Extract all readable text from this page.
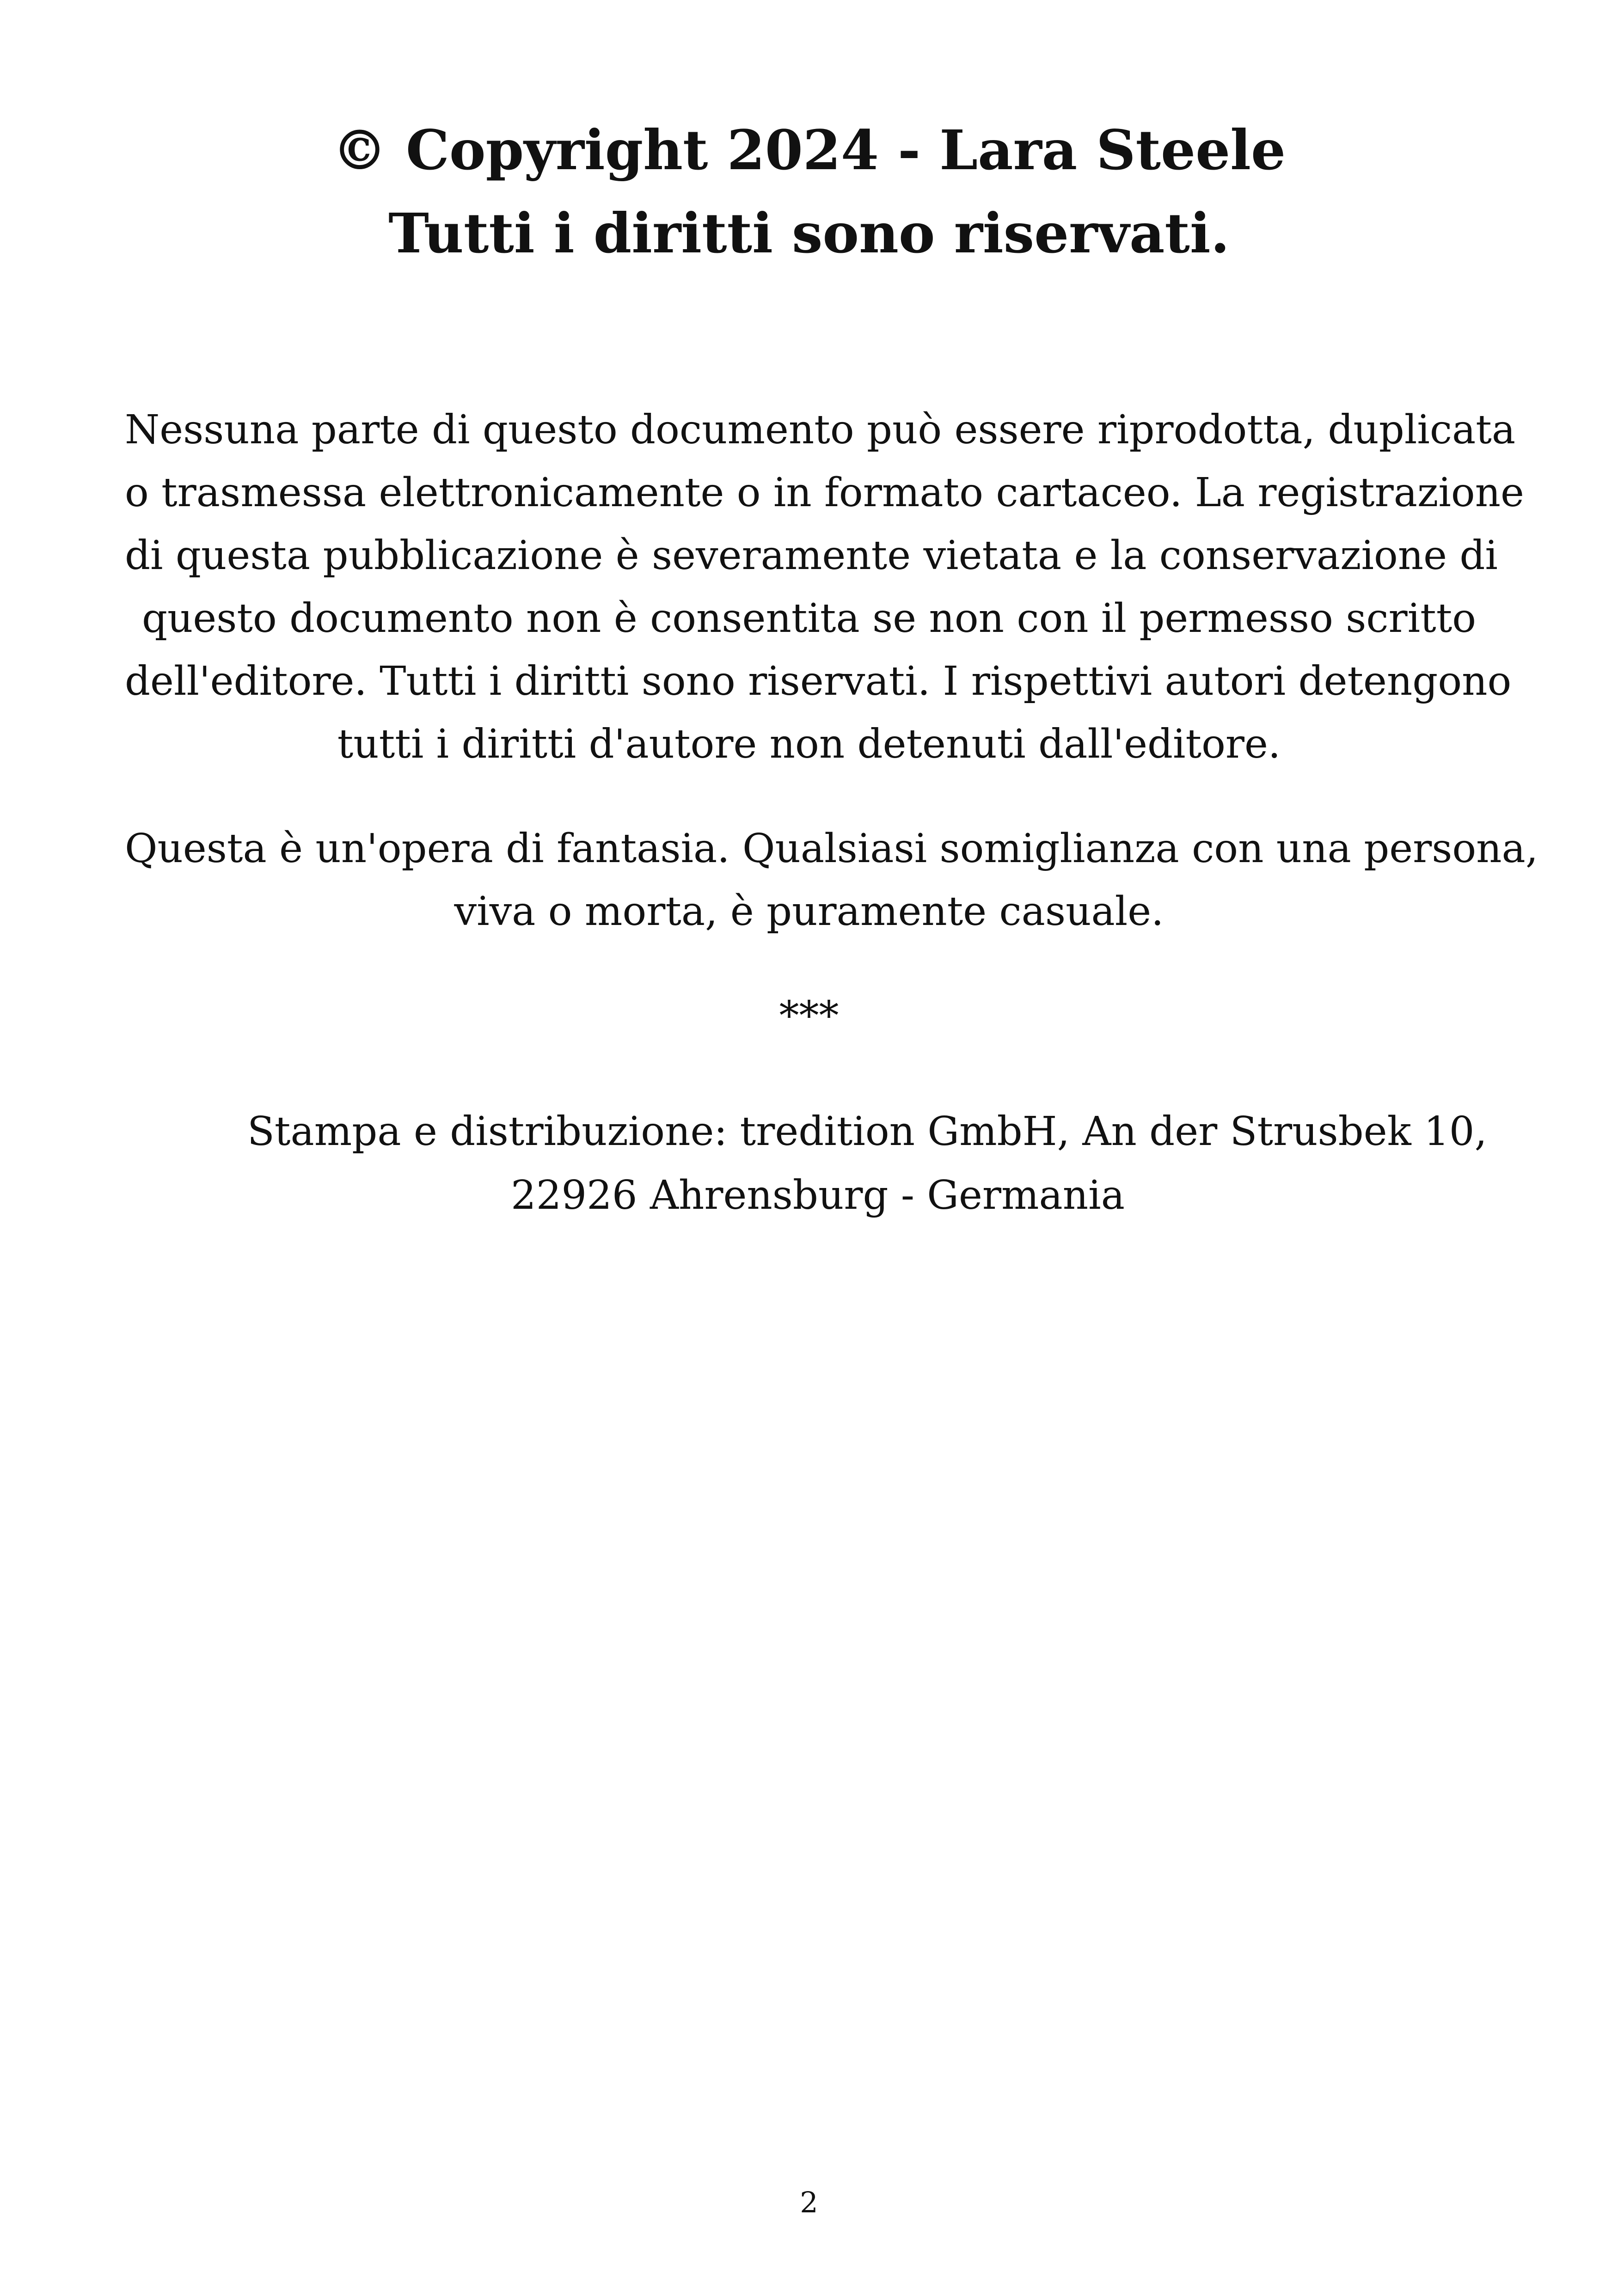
© Copyright 2024 - Lara Steele
Tutti i diritti sono riservati.

Nessuna parte di questo documento può essere riprodotta, duplicata
o trasmessa elettronicamente o in formato cartaceo. La registrazione
di questa pubblicazione è severamente vietata e la conservazione di
questo documento non è consentita se non con il permesso scritto
dell'editore. Tutti i diritti sono riservati. I rispettivi autori detengono
tutti i diritti d'autore non detenuti dall'editore.

Questa è un'opera di fantasia. Qualsiasi somiglianza con una persona,
viva o morta, è puramente casuale.

***

Stampa e distribuzione: tredition GmbH, An der Strusbek 10,

22926 Ahrensburg - Germania

2
